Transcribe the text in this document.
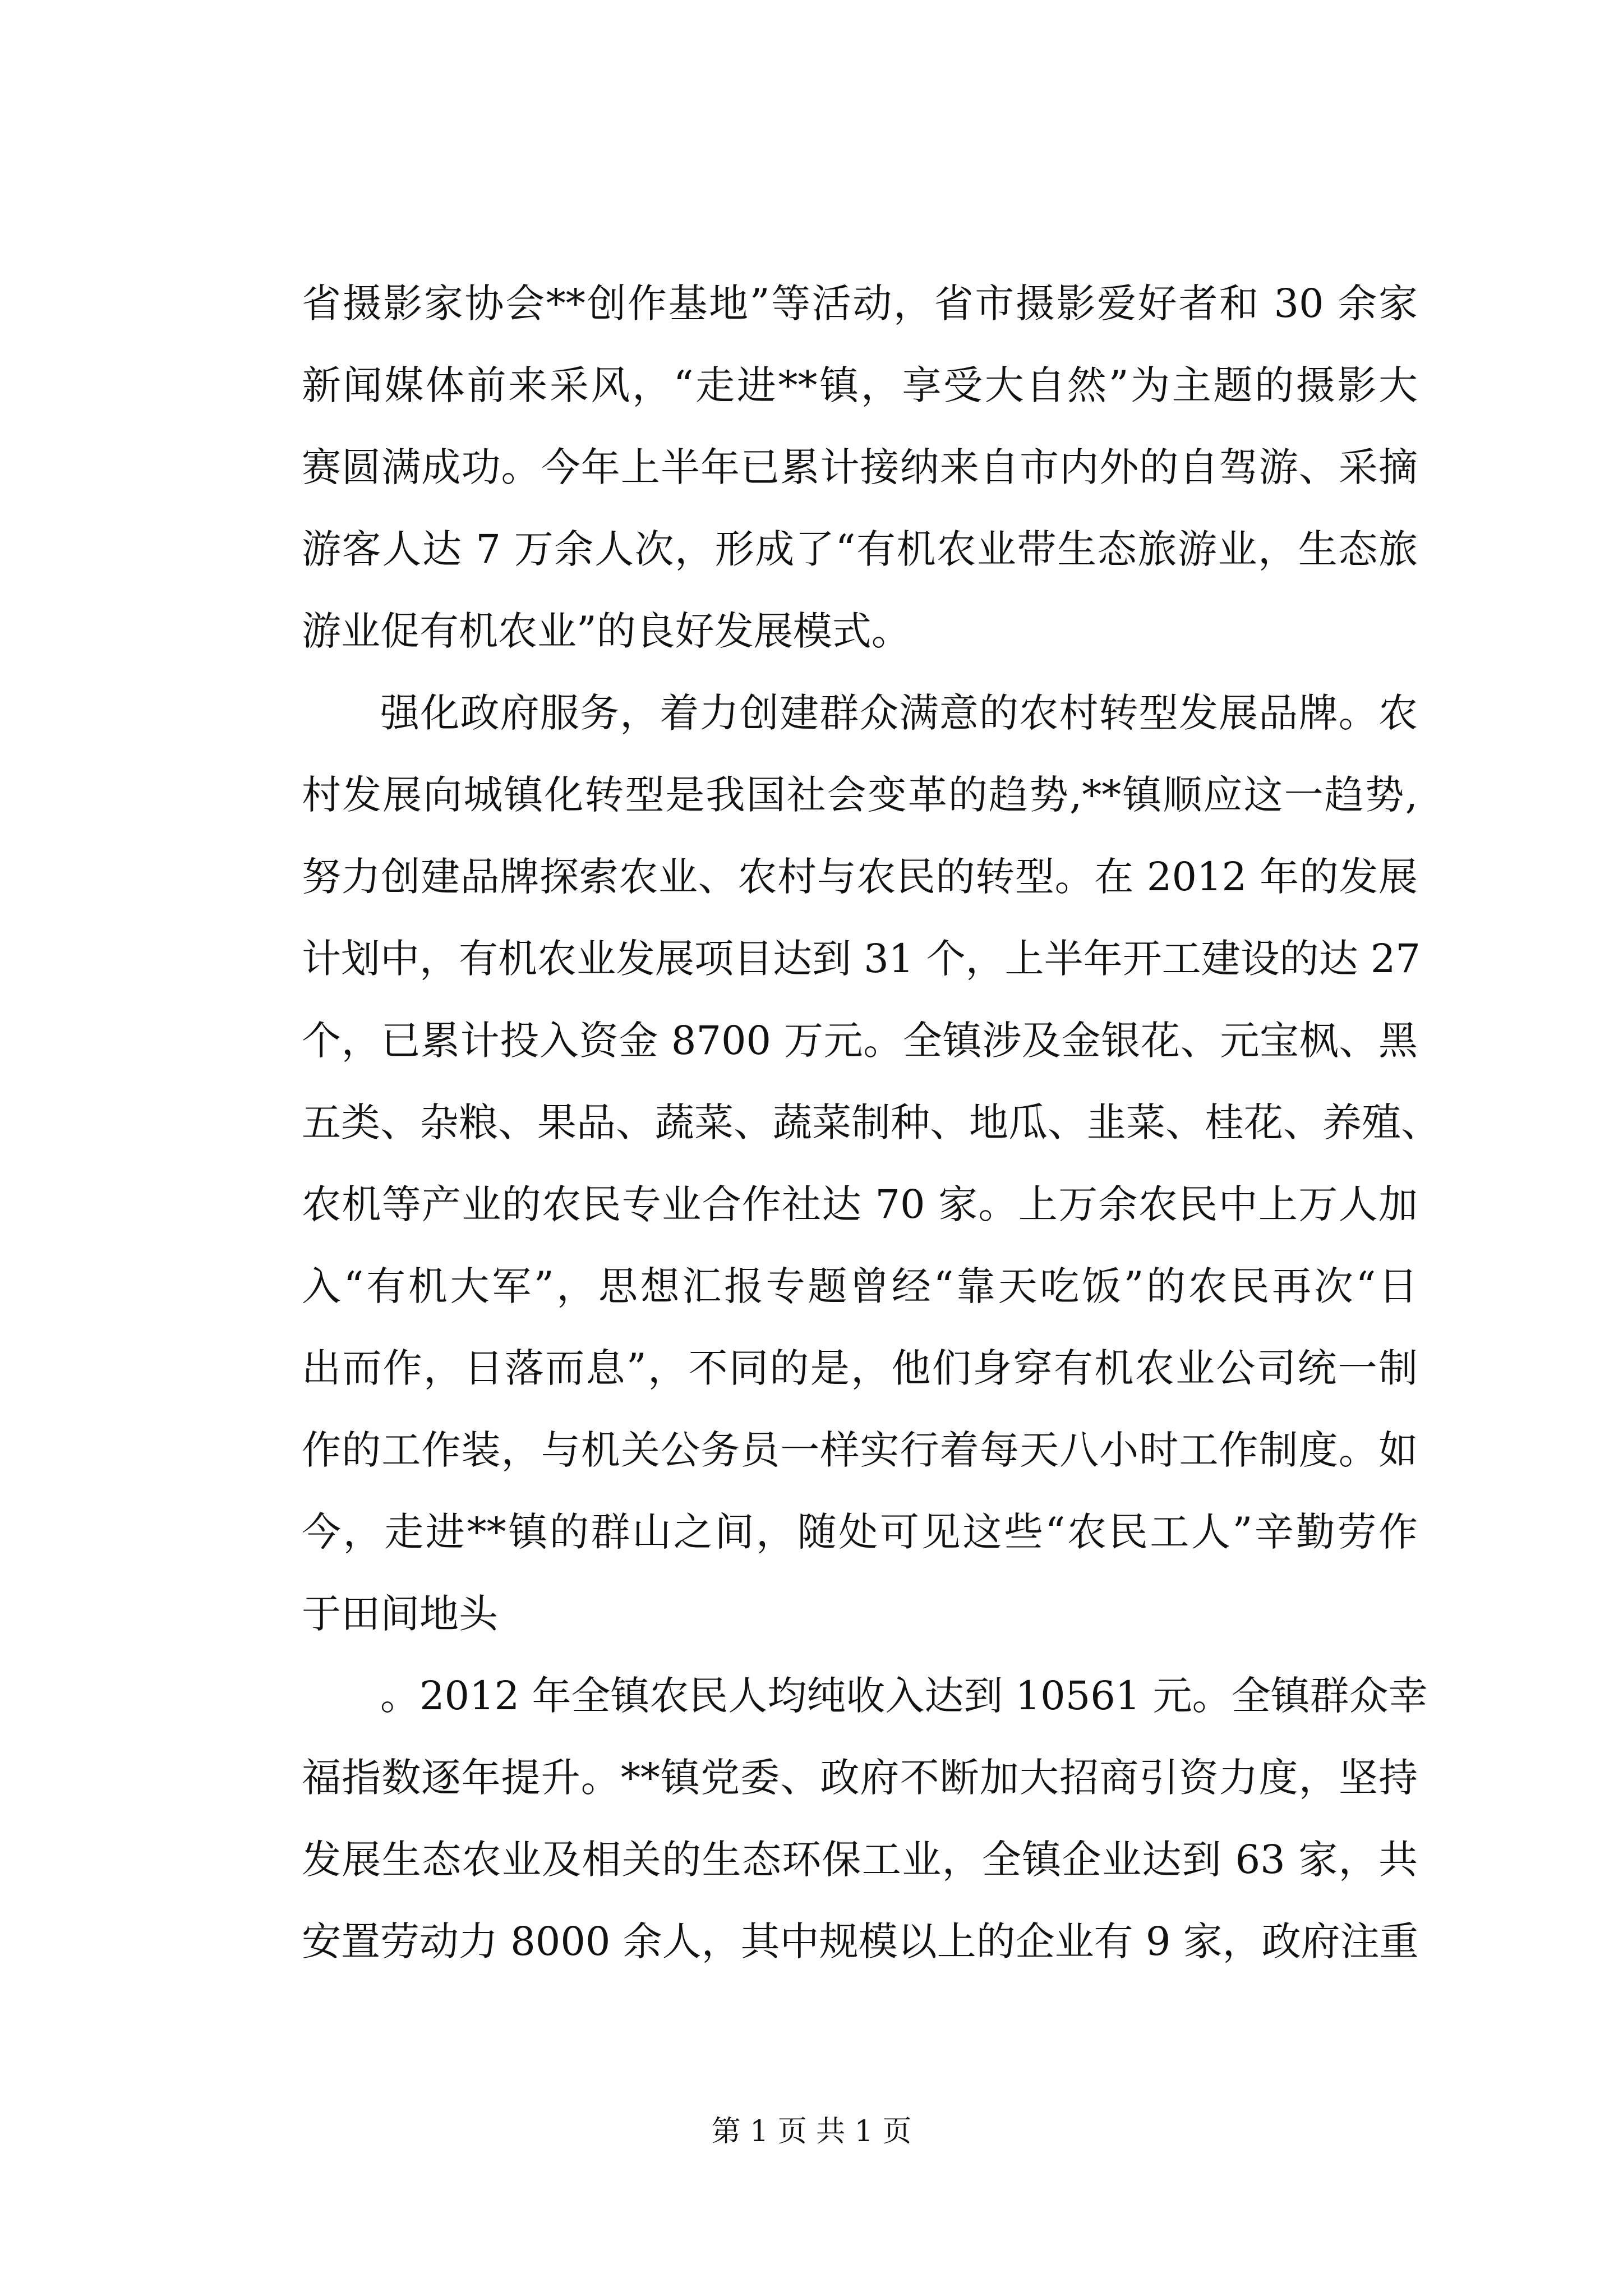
省摄影家协会**创作基地”等活动，省市摄影爱好者和 30 余家
新闻媒体前来采风，“走进**镇，享受大自然”为主题的摄影大
赛圆满成功。今年上半年已累计接纳来自市内外的自驾游、采摘
游客人达 7 万余人次，形成了“有机农业带生态旅游业，生态旅
游业促有机农业”的良好发展模式。
强化政府服务，着力创建群众满意的农村转型发展品牌。农
村发展向城镇化转型是我国社会变革的趋势,**镇顺应这一趋势,
努力创建品牌探索农业、农村与农民的转型。在 2012 年的发展
计划中，有机农业发展项目达到 31 个，上半年开工建设的达 27
个，已累计投入资金 8700 万元。全镇涉及金银花、元宝枫、黑
五类、杂粮、果品、蔬菜、蔬菜制种、地瓜、韭菜、桂花、养殖、
农机等产业的农民专业合作社达 70 家。上万余农民中上万人加
入“有机大军”，思想汇报专题曾经“靠天吃饭”的农民再次“日
出而作，日落而息”，不同的是，他们身穿有机农业公司统一制
作的工作装，与机关公务员一样实行着每天八小时工作制度。如
今，走进**镇的群山之间，随处可见这些“农民工人”辛勤劳作
于田间地头
。2012 年全镇农民人均纯收入达到 10561 元。全镇群众幸
福指数逐年提升。**镇党委、政府不断加大招商引资力度，坚持
发展生态农业及相关的生态环保工业，全镇企业达到 63 家，共
安置劳动力 8000 余人，其中规模以上的企业有 9 家，政府注重
第 1 页 共 1 页
